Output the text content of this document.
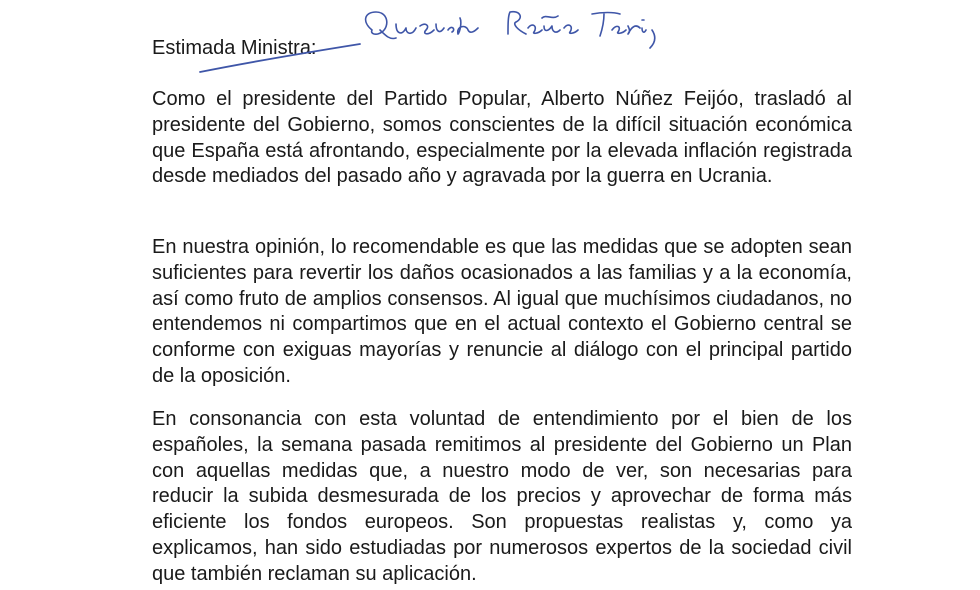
Estimada Ministra:

Como el presidente del Partido Popular, Alberto Núñez Feijóo, trasladó al presidente del Gobierno, somos conscientes de la difícil situación económica que España está afrontando, especialmente por la elevada inflación registrada desde mediados del pasado año y agravada por la guerra en Ucrania.

En nuestra opinión, lo recomendable es que las medidas que se adopten sean suficientes para revertir los daños ocasionados a las familias y a la economía, así como fruto de amplios consensos. Al igual que muchísimos ciudadanos, no entendemos ni compartimos que en el actual contexto el Gobierno central se conforme con exiguas mayorías y renuncie al diálogo con el principal partido de la oposición.

En consonancia con esta voluntad de entendimiento por el bien de los españoles, la semana pasada remitimos al presidente del Gobierno un Plan con aquellas medidas que, a nuestro modo de ver, son necesarias para reducir la subida desmesurada de los precios y aprovechar de forma más eficiente los fondos europeos. Son propuestas realistas y, como ya explicamos, han sido estudiadas por numerosos expertos de la sociedad civil que también reclaman su aplicación.
